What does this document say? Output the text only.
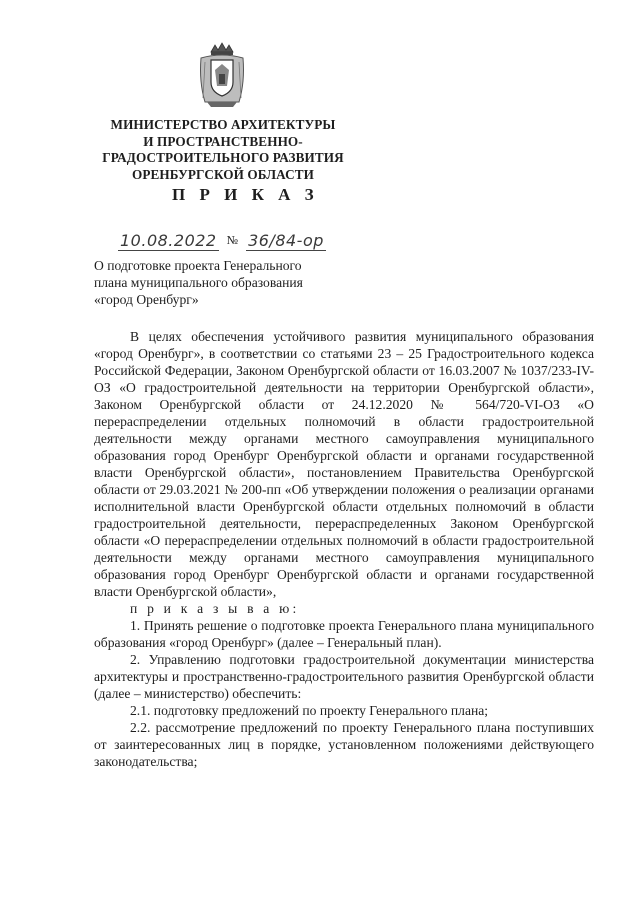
МИНИСТЕРСТВО АРХИТЕКТУРЫ
И ПРОСТРАНСТВЕННО-
ГРАДОСТРОИТЕЛЬНОГО РАЗВИТИЯ
ОРЕНБУРГСКОЙ ОБЛАСТИ
П Р И К А З
10.08.2022 № 36/84-ор
О подготовке проекта Генерального
плана муниципального образования
«город Оренбург»

В целях обеспечения устойчивого развития муниципального образования «город Оренбург», в соответствии со статьями 23 – 25 Градостроительного кодекса Российской Федерации, Законом Оренбургской области от 16.03.2007 № 1037/233-IV-ОЗ «О градостроительной деятельности на территории Оренбургской области», Законом Оренбургской области от 24.12.2020 № 564/720-VI-ОЗ «О перераспределении отдельных полномочий в области градостроительной деятельности между органами местного самоуправления муниципального образования город Оренбург Оренбургской области и органами государственной власти Оренбургской области», постановлением Правительства Оренбургской области от 29.03.2021 № 200-пп «Об утверждении положения о реализации органами исполнительной власти Оренбургской области отдельных полномочий в области градостроительной деятельности, перераспределенных Законом Оренбургской области «О перераспределении отдельных полномочий в области градостроительной деятельности между органами местного самоуправления муниципального образования город Оренбург Оренбургской области и органами государственной власти Оренбургской области»,

п р и к а з ы в а ю:

1. Принять решение о подготовке проекта Генерального плана муниципального образования «город Оренбург» (далее – Генеральный план).

2. Управлению подготовки градостроительной документации министерства архитектуры и пространственно-градостроительного развития Оренбургской области (далее – министерство) обеспечить:

2.1. подготовку предложений по проекту Генерального плана;

2.2. рассмотрение предложений по проекту Генерального плана поступивших от заинтересованных лиц в порядке, установленном положениями действующего законодательства;
